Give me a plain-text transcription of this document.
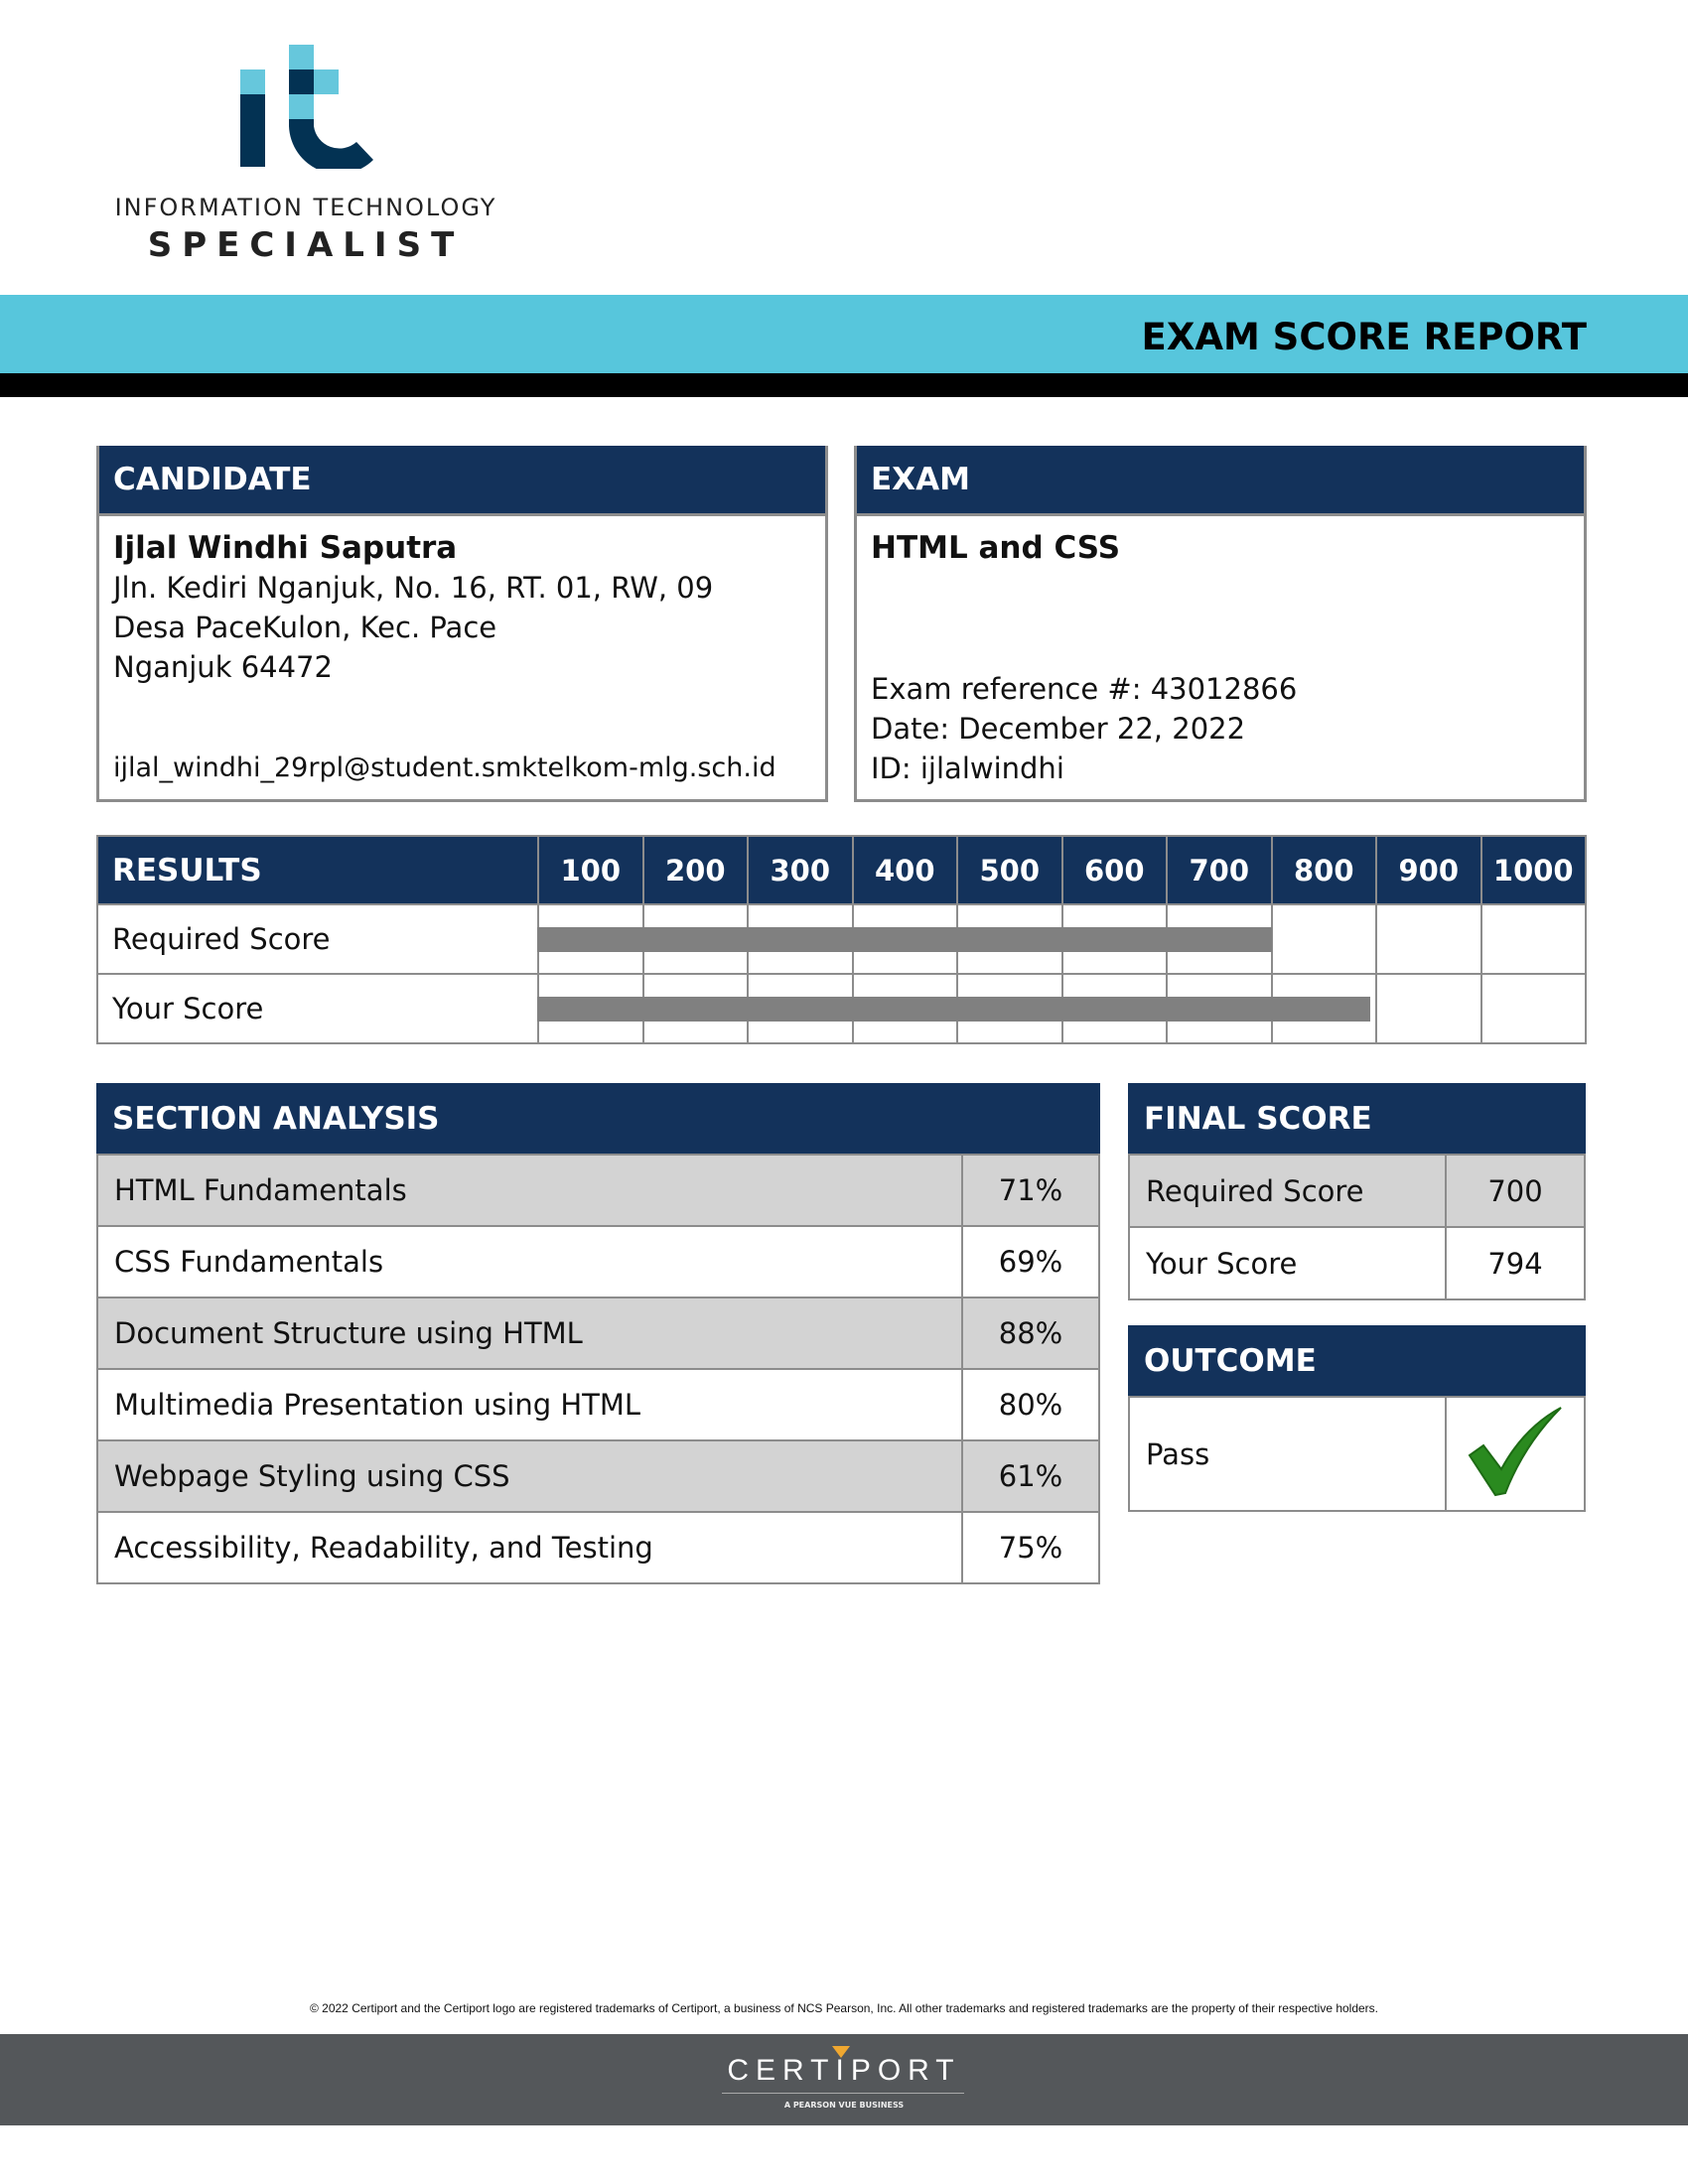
INFORMATION TECHNOLOGY
SPECIALIST
EXAM SCORE REPORT
CANDIDATE
Ijlal Windhi Saputra
Jln. Kediri Nganjuk, No. 16, RT. 01, RW, 09
Desa PaceKulon, Kec. Pace
Nganjuk 64472
ijlal_windhi_29rpl@student.smktelkom-mlg.sch.id
EXAM
HTML and CSS
Exam reference #: 43012866
Date: December 22, 2022
ID: ijlalwindhi
RESULTS	100	200	300	400	500	600	700	800	900	1000
Required Score										
Your Score										
SECTION ANALYSIS
HTML Fundamentals	71%
CSS Fundamentals	69%
Document Structure using HTML	88%
Multimedia Presentation using HTML	80%
Webpage Styling using CSS	61%
Accessibility, Readability, and Testing	75%
FINAL SCORE
Required Score	700
Your Score	794
OUTCOME
Pass	
© 2022 Certiport and the Certiport logo are registered trademarks of Certiport, a business of NCS Pearson, Inc. All other trademarks and registered trademarks are the property of their respective holders.
CERTIPORT
A PEARSON VUE BUSINESS
